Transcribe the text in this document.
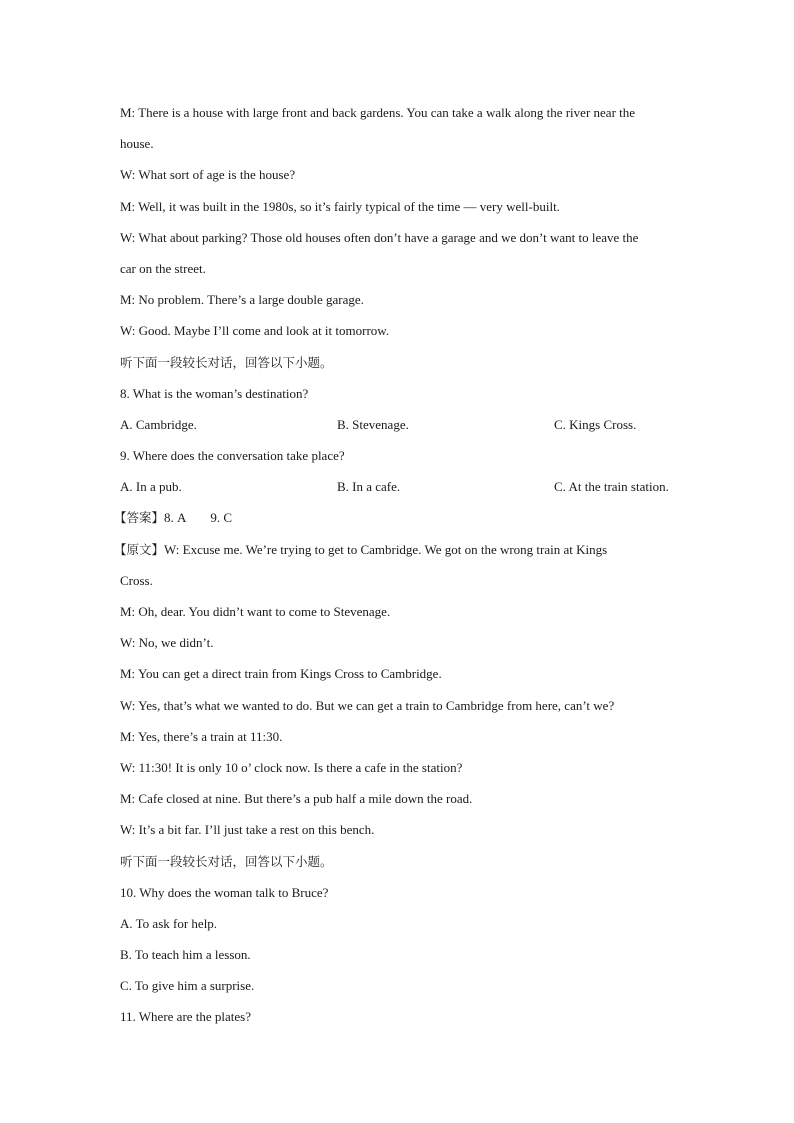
M: There is a house with large front and back gardens. You can take a walk along the river near the
house.
W: What sort of age is the house?
M: Well, it was built in the 1980s, so it’s fairly typical of the time — very well-built.
W: What about parking? Those old houses often don’t have a garage and we don’t want to leave the
car on the street.
M: No problem. There’s a large double garage.
W: Good. Maybe I’ll come and look at it tomorrow.
听下面一段较长对话，回答以下小题。
8. What is the woman’s destination?
A. Cambridge.	B. Stevenage.	C. Kings Cross.
9. Where does the conversation take place?
A. In a pub.	B. In a cafe.	C. At the train station.
【答案】8. A 9. C
【原文】W: Excuse me. We’re trying to get to Cambridge. We got on the wrong train at Kings
Cross.
M: Oh, dear. You didn’t want to come to Stevenage.
W: No, we didn’t.
M: You can get a direct train from Kings Cross to Cambridge.
W: Yes, that’s what we wanted to do. But we can get a train to Cambridge from here, can’t we?
M: Yes, there’s a train at 11:30.
W: 11:30! It is only 10 o’ clock now. Is there a cafe in the station?
M: Cafe closed at nine. But there’s a pub half a mile down the road.
W: It’s a bit far. I’ll just take a rest on this bench.
听下面一段较长对话，回答以下小题。
10. Why does the woman talk to Bruce?
A. To ask for help.
B. To teach him a lesson.
C. To give him a surprise.
11. Where are the plates?
